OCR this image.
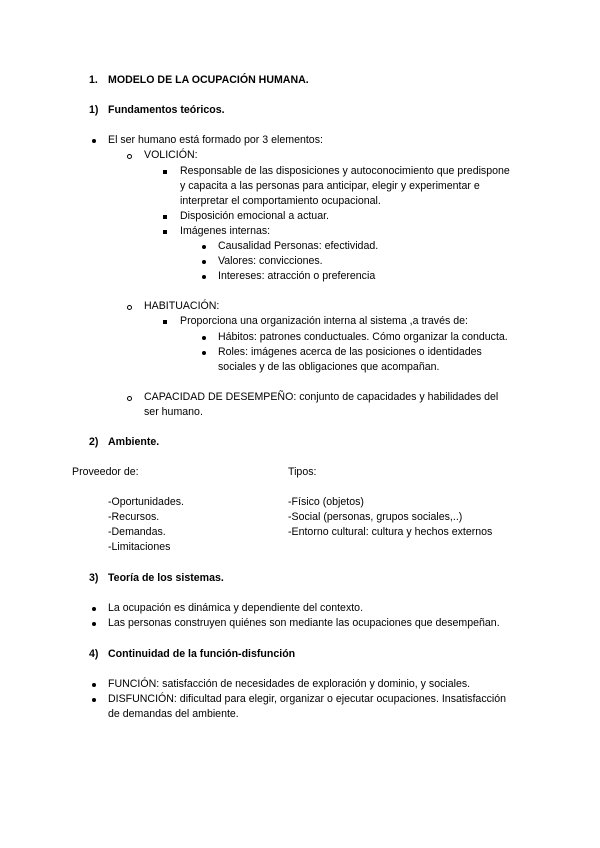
1. MODELO DE LA OCUPACIÓN HUMANA.
1) Fundamentos teóricos.
El ser humano está formado por 3 elementos:
VOLICIÓN:
Responsable de las disposiciones y autoconocimiento que predispone
y capacita a las personas para anticipar, elegir y experimentar e
interpretar el comportamiento ocupacional.
Disposición emocional a actuar.
Imágenes internas:
Causalidad Personas: efectividad.
Valores: convicciones.
Intereses: atracción o preferencia
HABITUACIÓN:
Proporciona una organización interna al sistema ,a través de:
Hábitos: patrones conductuales. Cómo organizar la conducta.
Roles: imágenes acerca de las posiciones o identidades
sociales y de las obligaciones que acompañan.
CAPACIDAD DE DESEMPEÑO: conjunto de capacidades y habilidades del
ser humano.
2) Ambiente.
Proveedor de:	Tipos:
-Oportunidades.
-Recursos.
-Demandas.
-Limitaciones
-Físico (objetos)
-Social (personas, grupos sociales,..)
-Entorno cultural: cultura y hechos externos
3) Teoría de los sistemas.
La ocupación es dinámica y dependiente del contexto.
Las personas construyen quiénes son mediante las ocupaciones que desempeñan.
4) Continuidad de la función-disfunción
FUNCIÓN: satisfacción de necesidades de exploración y dominio, y sociales.
DISFUNCIÓN: dificultad para elegir, organizar o ejecutar ocupaciones. Insatisfacción
de demandas del ambiente.
